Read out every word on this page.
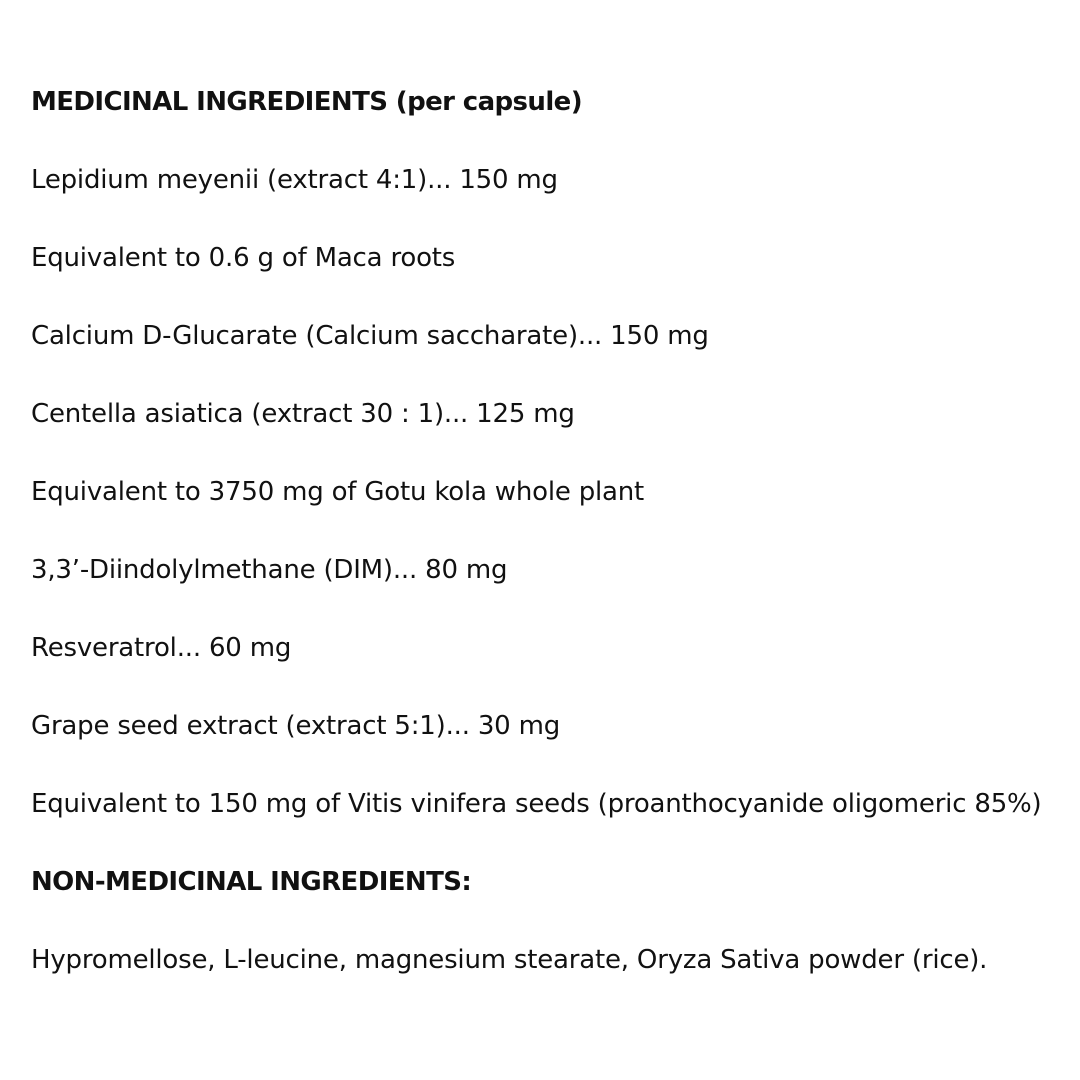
MEDICINAL INGREDIENTS (per capsule)
Lepidium meyenii (extract 4:1)... 150 mg
Equivalent to 0.6 g of Maca roots
Calcium D-Glucarate (Calcium saccharate)... 150 mg
Centella asiatica (extract 30 : 1)... 125 mg
Equivalent to 3750 mg of Gotu kola whole plant
3,3’-Diindolylmethane (DIM)... 80 mg
Resveratrol... 60 mg
Grape seed extract (extract 5:1)... 30 mg
Equivalent to 150 mg of Vitis vinifera seeds (proanthocyanide oligomeric 85%)
NON-MEDICINAL INGREDIENTS:
Hypromellose, L-leucine, magnesium stearate, Oryza Sativa powder (rice).
